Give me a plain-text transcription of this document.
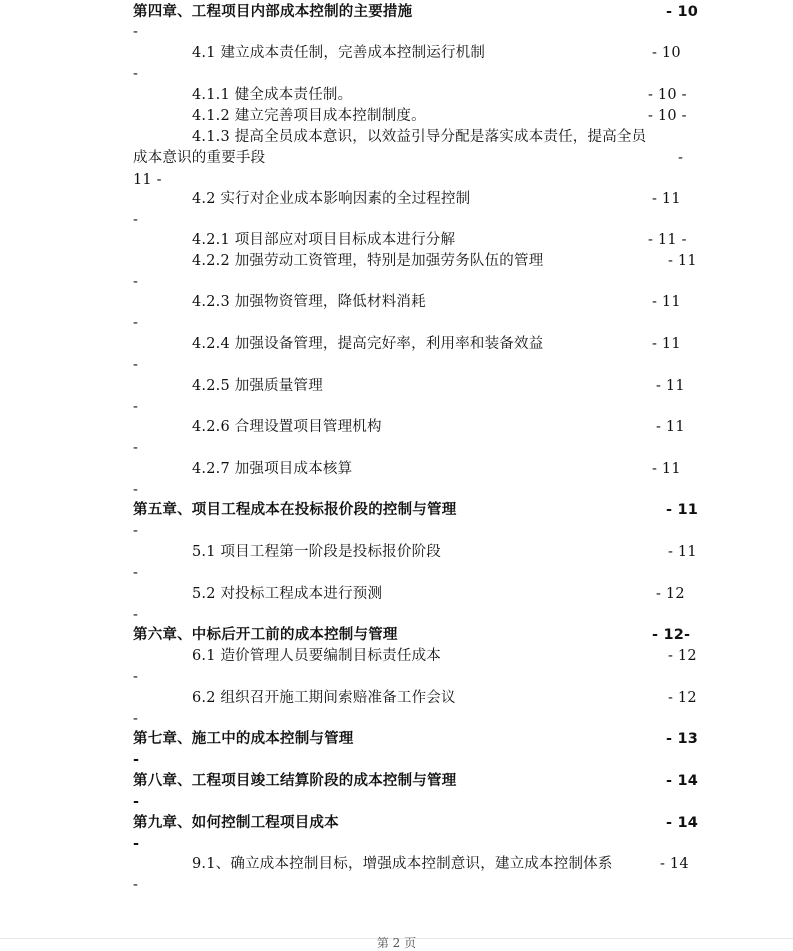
第四章、工程项目内部成本控制的主要措施	- 10
-
4.1 建立成本责任制，完善成本控制运行机制	- 10
-
4.1.1 健全成本责任制。	- 10 -
4.1.2 建立完善项目成本控制制度。	- 10 -
4.1.3 提高全员成本意识，以效益引导分配是落实成本责任，提高全员
成本意识的重要手段	-
11 -
4.2 实行对企业成本影响因素的全过程控制	- 11
-
4.2.1 项目部应对项目目标成本进行分解	- 11 -
4.2.2 加强劳动工资管理，特别是加强劳务队伍的管理	- 11
-
4.2.3 加强物资管理，降低材料消耗	- 11
-
4.2.4 加强设备管理，提高完好率，利用率和装备效益	- 11
-
4.2.5 加强质量管理	- 11
-
4.2.6 合理设置项目管理机构	- 11
-
4.2.7 加强项目成本核算	- 11
-
第五章、项目工程成本在投标报价段的控制与管理	- 11
-
5.1 项目工程第一阶段是投标报价阶段	- 11
-
5.2 对投标工程成本进行预测	- 12
-
第六章、中标后开工前的成本控制与管理	- 12-
6.1 造价管理人员要编制目标责任成本	- 12
-
6.2 组织召开施工期间索赔准备工作会议	- 12
-
第七章、施工中的成本控制与管理	- 13
-
第八章、工程项目竣工结算阶段的成本控制与管理	- 14
-
第九章、如何控制工程项目成本	- 14
-
9.1、确立成本控制目标，增强成本控制意识，建立成本控制体系	- 14
-
第 2 页
